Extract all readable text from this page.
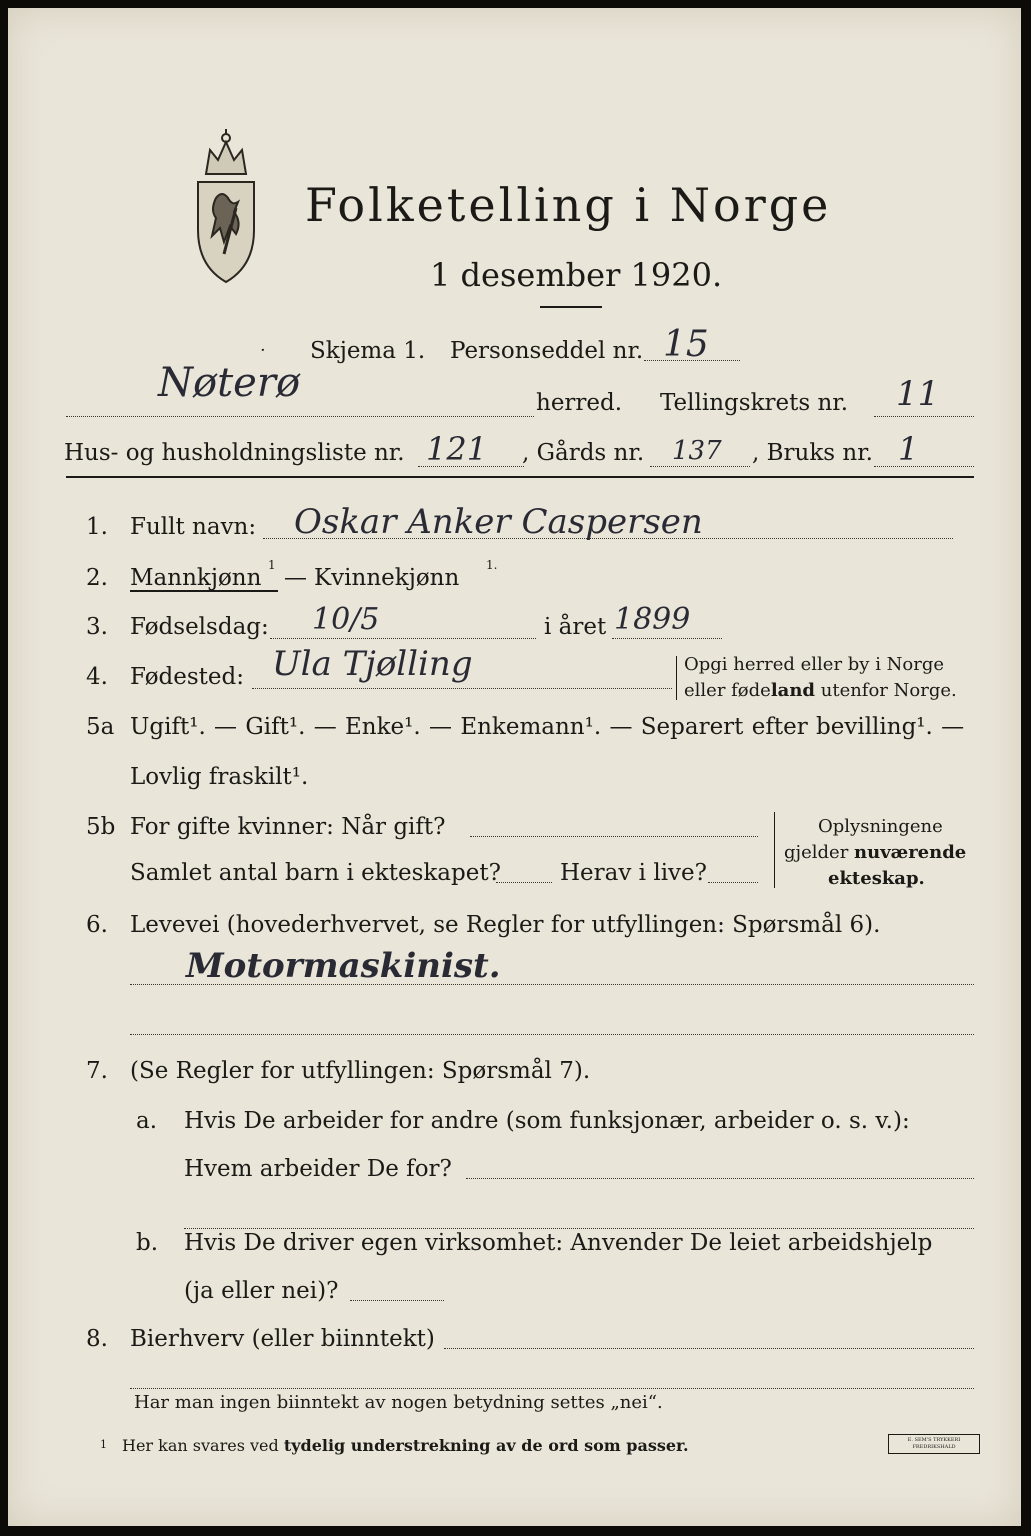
Folketelling i Norge
1 desember 1920.
· Skjema 1. Personseddel nr. 15
Nøterø	herred. Tellingskrets nr. 11
Hus- og husholdningsliste nr. 121 , Gårds nr. 137 , Bruks nr. 1
1. Fullt navn: Oskar Anker Caspersen
2. Mannkjønn 1 — Kvinnekjønn 1.
3. Fødselsdag: 10/5	i året 1899
4. Fødested: Ula Tjølling	Opgi herred eller by i Norge
eller fødeland utenfor Norge.
5a Ugift¹. — Gift¹. — Enke¹. — Enkemann¹. — Separert efter bevilling¹. —
Lovlig fraskilt¹.
5b For gifte kvinner: Når gift?
Samlet antal barn i ekteskapet?	Herav i live?
Oplysningene
gjelder nuværende
ekteskap.
6. Levevei (hovederhvervet, se Regler for utfyllingen: Spørsmål 6).
Motormaskinist.
7. (Se Regler for utfyllingen: Spørsmål 7).
a. Hvis De arbeider for andre (som funksjonær, arbeider o. s. v.):
Hvem arbeider De for?
b. Hvis De driver egen virksomhet: Anvender De leiet arbeidshjelp
(ja eller nei)?
8. Bierhverv (eller biinntekt)
Har man ingen biinntekt av nogen betydning settes „nei“.
1 Her kan svares ved tydelig understrekning av de ord som passer.	E. SEM'S TRYKKERI FREDRIKSHALD
